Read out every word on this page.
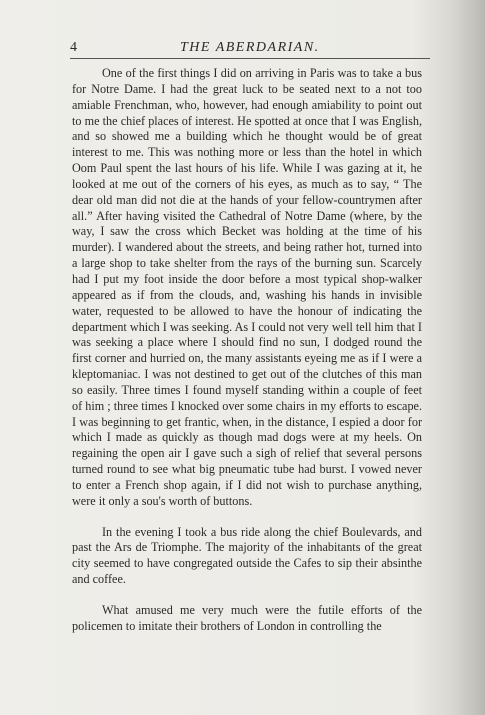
4	THE ABERDARIAN.

One of the first things I did on arriving in Paris was to take a bus for Notre Dame. I had the great luck to be seated next to a not too amiable Frenchman, who, however, had enough amiability to point out to me the chief places of interest. He spotted at once that I was English, and so showed me a building which he thought would be of great interest to me. This was nothing more or less than the hotel in which Oom Paul spent the last hours of his life. While I was gazing at it, he looked at me out of the corners of his eyes, as much as to say, “ The dear old man did not die at the hands of your fellow-countrymen after all.” After having visited the Cathedral of Notre Dame (where, by the way, I saw the cross which Becket was holding at the time of his murder). I wandered about the streets, and being rather hot, turned into a large shop to take shelter from the rays of the burning sun. Scarcely had I put my foot inside the door before a most typical shop-walker appeared as if from the clouds, and, washing his hands in invisible water, requested to be allowed to have the honour of indicating the department which I was seeking. As I could not very well tell him that I was seeking a place where I should find no sun, I dodged round the first corner and hurried on, the many assistants eyeing me as if I were a kleptomaniac. I was not destined to get out of the clutches of this man so easily. Three times I found myself standing within a couple of feet of him ; three times I knocked over some chairs in my efforts to escape. I was beginning to get frantic, when, in the distance, I espied a door for which I made as quickly as though mad dogs were at my heels. On regaining the open air I gave such a sigh of relief that several persons turned round to see what big pneumatic tube had burst. I vowed never to enter a French shop again, if I did not wish to purchase anything, were it only a sou's worth of buttons.

In the evening I took a bus ride along the chief Boulevards, and past the Ars de Triomphe. The majority of the inhabitants of the great city seemed to have congregated outside the Cafes to sip their absinthe and coffee.

What amused me very much were the futile efforts of the policemen to imitate their brothers of London in controlling the
